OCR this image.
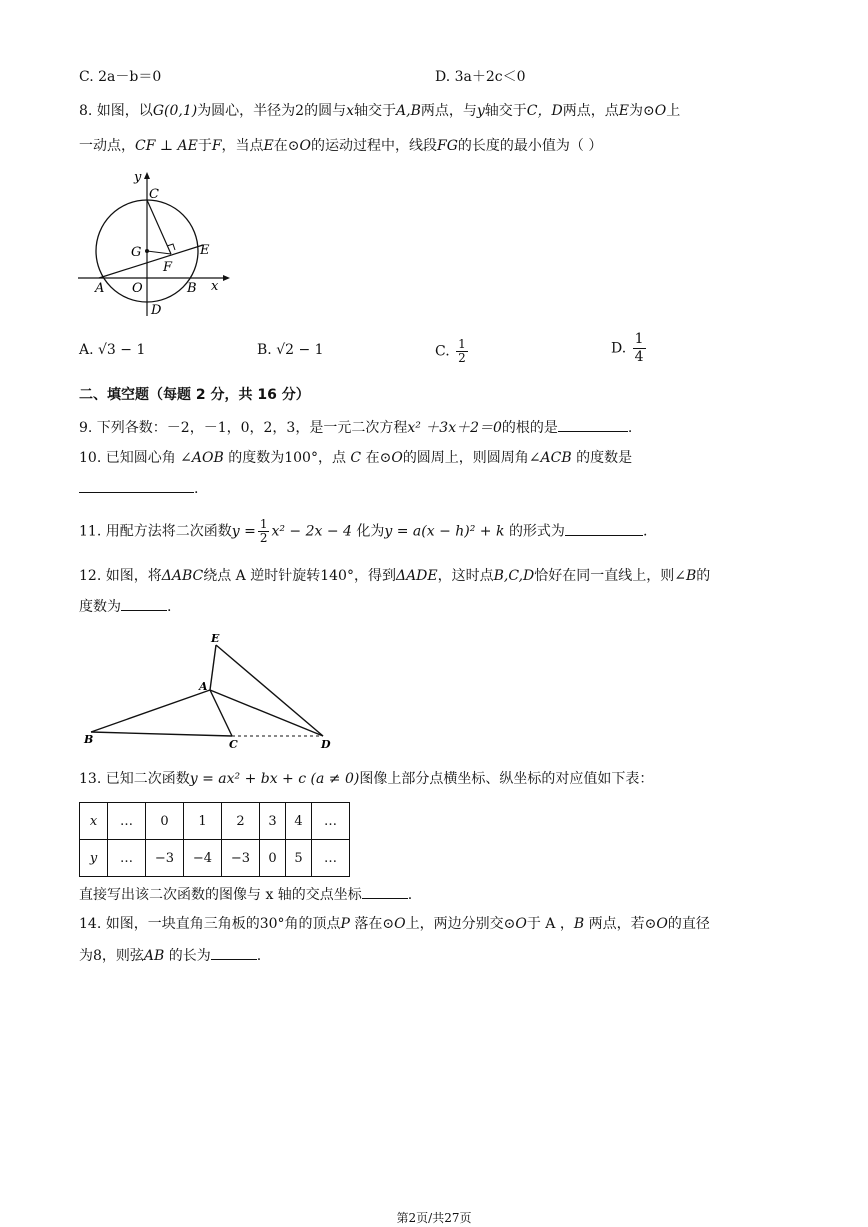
C. 2a－b＝0	D. 3a＋2c＜0
8. 如图，以G(0,1)为圆心，半径为2的圆与x轴交于A,B两点，与y轴交于C，D两点，点E为⊙O上
一动点，CF ⊥ AE于F，当点E在⊙O的运动过程中，线段FG的长度的最小值为（ ）
y
C
G	E
F
A O	B x
D
A. √3 − 1	B. √2 − 1	C. $\frac{1}{2}$	D. $\frac{1}{4}$
二、填空题（每题 2 分，共 16 分）
9. 下列各数：－2，－1，0，2，3，是一元二次方程x² ＋3x＋2＝0的根的是	.
10. 已知圆心角 ∠AOB 的度数为100°，点 C 在⊙O的圆周上，则圆周角∠ACB 的度数是
.
11. 用配方法将二次函数$y = \frac{1}{2} x^2 - 2x - 4$ 化为y = a(x − h)² + k 的形式为	.
12. 如图，将ΔABC绕点 A 逆时针旋转140°，得到ΔADE，这时点B,C,D恰好在同一直线上，则∠B的
度数为	.
E
A
B	C	D
13. 已知二次函数y = ax² + bx + c (a ≠ 0)图像上部分点横坐标、纵坐标的对应值如下表：
x	…	0	1	2	3	4	…
y	…	−3	−4	−3	0	5	…
直接写出该二次函数的图像与 x 轴的交点坐标	.
14. 如图，一块直角三角板的30°角的顶点P 落在⊙O上，两边分别交⊙O于 A ，B 两点，若⊙O的直径
为8，则弦AB 的长为	.
第2页/共27页
